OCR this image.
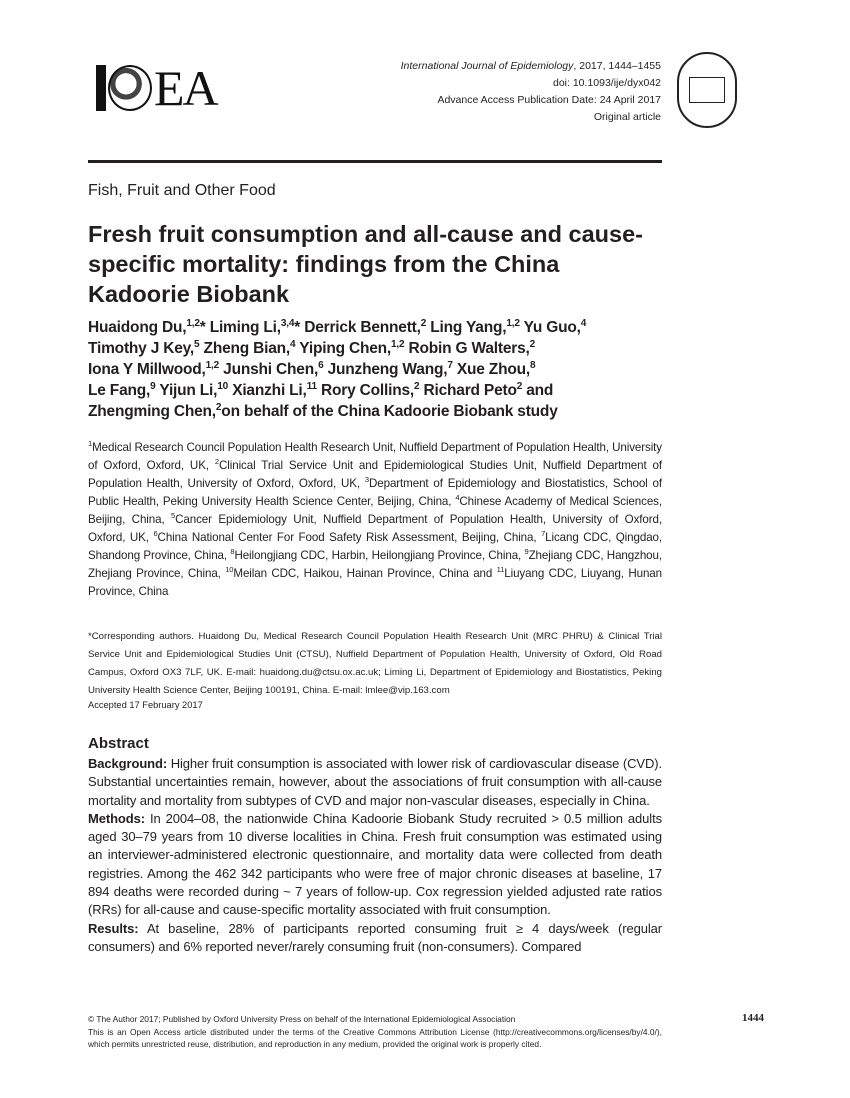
EA	International Journal of Epidemiology, 2017, 1444–1455
doi: 10.1093/ije/dyx042
Advance Access Publication Date: 24 April 2017
Original article
Fish, Fruit and Other Food
Fresh fruit consumption and all-cause and cause-specific mortality: findings from the China Kadoorie Biobank
Huaidong Du,$^{1,2}$* Liming Li,$^{3,4}$* Derrick Bennett,$^2$ Ling Yang,$^{1,2}$ Yu Guo,$^4$
Timothy J Key,$^5$ Zheng Bian,$^4$ Yiping Chen,$^{1,2}$ Robin G Walters,$^2$
Iona Y Millwood,$^{1,2}$ Junshi Chen,$^6$ Junzheng Wang,$^7$ Xue Zhou,$^8$
Le Fang,$^9$ Yijun Li,$^{10}$ Xianzhi Li,$^{11}$ Rory Collins,$^2$ Richard Peto$^2$ and
Zhengming Chen,$^2$on behalf of the China Kadoorie Biobank study
$^1$Medical Research Council Population Health Research Unit, Nuffield Department of Population Health, University of Oxford, Oxford, UK, $^2$Clinical Trial Service Unit and Epidemiological Studies Unit, Nuffield Department of Population Health, University of Oxford, Oxford, UK, $^3$Department of Epidemiology and Biostatistics, School of Public Health, Peking University Health Science Center, Beijing, China, $^4$Chinese Academy of Medical Sciences, Beijing, China, $^5$Cancer Epidemiology Unit, Nuffield Department of Population Health, University of Oxford, Oxford, UK, $^6$China National Center For Food Safety Risk Assessment, Beijing, China, $^7$Licang CDC, Qingdao, Shandong Province, China, $^8$Heilongjiang CDC, Harbin, Heilongjiang Province, China, $^9$Zhejiang CDC, Hangzhou, Zhejiang Province, China, $^{10}$Meilan CDC, Haikou, Hainan Province, China and $^{11}$Liuyang CDC, Liuyang, Hunan Province, China
*Corresponding authors. Huaidong Du, Medical Research Council Population Health Research Unit (MRC PHRU) & Clinical Trial Service Unit and Epidemiological Studies Unit (CTSU), Nuffield Department of Population Health, University of Oxford, Old Road Campus, Oxford OX3 7LF, UK. E-mail: huaidong.du@ctsu.ox.ac.uk; Liming Li, Department of Epidemiology and Biostatistics, Peking University Health Science Center, Beijing 100191, China. E-mail: lmlee@vip.163.com
Accepted 17 February 2017
Abstract
Background: Higher fruit consumption is associated with lower risk of cardiovascular disease (CVD). Substantial uncertainties remain, however, about the associations of fruit consumption with all-cause mortality and mortality from subtypes of CVD and major non-vascular diseases, especially in China.
Methods: In 2004–08, the nationwide China Kadoorie Biobank Study recruited > 0.5 million adults aged 30–79 years from 10 diverse localities in China. Fresh fruit consumption was estimated using an interviewer-administered electronic questionnaire, and mortality data were collected from death registries. Among the 462 342 participants who were free of major chronic diseases at baseline, 17 894 deaths were recorded during ~ 7 years of follow-up. Cox regression yielded adjusted rate ratios (RRs) for all-cause and cause-specific mortality associated with fruit consumption.
Results: At baseline, 28% of participants reported consuming fruit ≥ 4 days/week (regular consumers) and 6% reported never/rarely consuming fruit (non-consumers). Compared
© The Author 2017; Published by Oxford University Press on behalf of the International Epidemiological Association
This is an Open Access article distributed under the terms of the Creative Commons Attribution License (http://creativecommons.org/licenses/by/4.0/), which permits unrestricted reuse, distribution, and reproduction in any medium, provided the original work is properly cited.
1444
